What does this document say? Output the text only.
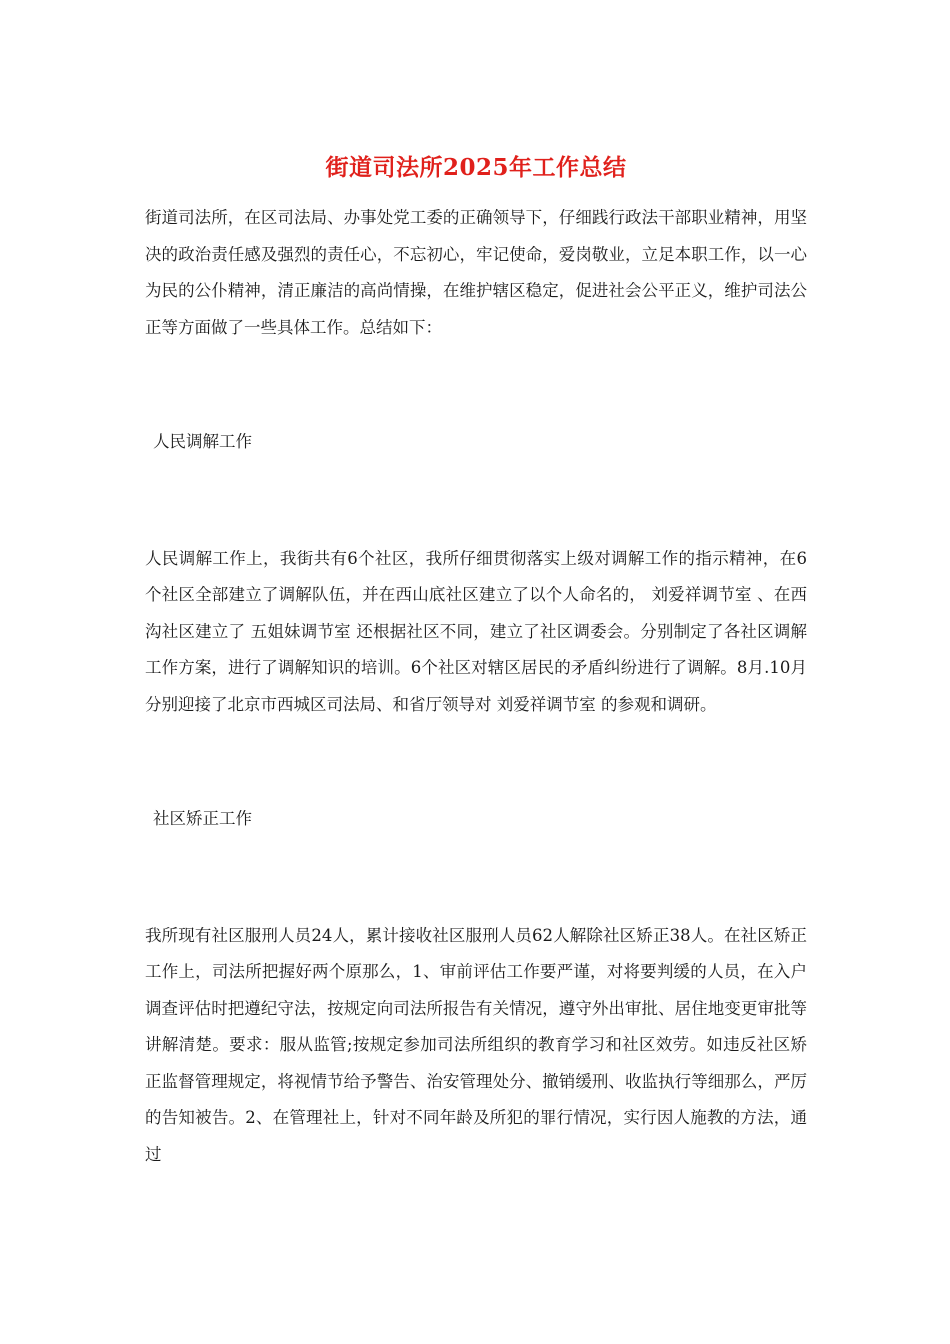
街道司法所2025年工作总结

街道司法所，在区司法局、办事处党工委的正确领导下，仔细践行政法干部职业精神，用坚决的政治责任感及强烈的责任心，不忘初心，牢记使命，爱岗敬业，立足本职工作，以一心为民的公仆精神，清正廉洁的高尚情操，在维护辖区稳定，促进社会公平正义，维护司法公正等方面做了一些具体工作。总结如下：

人民调解工作

人民调解工作上，我街共有6个社区，我所仔细贯彻落实上级对调解工作的指示精神，在6个社区全部建立了调解队伍，并在西山底社区建立了以个人命名的， 刘爱祥调节室 、在西沟社区建立了 五姐妹调节室 还根据社区不同，建立了社区调委会。分别制定了各社区调解工作方案，进行了调解知识的培训。6个社区对辖区居民的矛盾纠纷进行了调解。8月.10月分别迎接了北京市西城区司法局、和省厅领导对 刘爱祥调节室 的参观和调研。

社区矫正工作

我所现有社区服刑人员24人，累计接收社区服刑人员62人解除社区矫正38人。在社区矫正工作上，司法所把握好两个原那么，1、审前评估工作要严谨，对将要判缓的人员，在入户调查评估时把遵纪守法，按规定向司法所报告有关情况，遵守外出审批、居住地变更审批等讲解清楚。要求：服从监管;按规定参加司法所组织的教育学习和社区效劳。如违反社区矫正监督管理规定，将视情节给予警告、治安管理处分、撤销缓刑、收监执行等细那么，严厉的告知被告。2、在管理社上，针对不同年龄及所犯的罪行情况，实行因人施教的方法，通过
